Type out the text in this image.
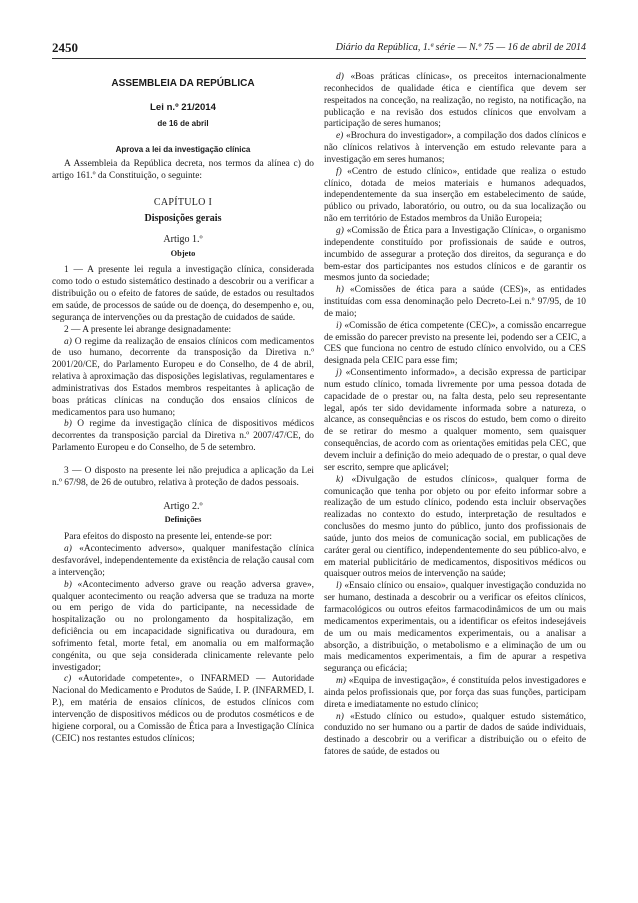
2450	Diário da República, 1.ª série — N.º 75 — 16 de abril de 2014

ASSEMBLEIA DA REPÚBLICA

Lei n.º 21/2014

de 16 de abril

Aprova a lei da investigação clínica

A Assembleia da República decreta, nos termos da alínea c) do artigo 161.º da Constituição, o seguinte:

CAPÍTULO I

Disposições gerais

Artigo 1.º

Objeto

1 — A presente lei regula a investigação clínica, considerada como todo o estudo sistemático destinado a descobrir ou a verificar a distribuição ou o efeito de fatores de saúde, de estados ou resultados em saúde, de processos de saúde ou de doença, do desempenho e, ou, segurança de intervenções ou da prestação de cuidados de saúde.

2 — A presente lei abrange designadamente:

a) O regime da realização de ensaios clínicos com medicamentos de uso humano, decorrente da transposição da Diretiva n.º 2001/20/CE, do Parlamento Europeu e do Conselho, de 4 de abril, relativa à aproximação das disposições legislativas, regulamentares e administrativas dos Estados membros respeitantes à aplicação de boas práticas clínicas na condução dos ensaios clínicos de medicamentos para uso humano;

b) O regime da investigação clínica de dispositivos médicos decorrentes da transposição parcial da Diretiva n.º 2007/47/CE, do Parlamento Europeu e do Conselho, de 5 de setembro.

3 — O disposto na presente lei não prejudica a aplicação da Lei n.º 67/98, de 26 de outubro, relativa à proteção de dados pessoais.

Artigo 2.º

Definições

Para efeitos do disposto na presente lei, entende-se por:

a) «Acontecimento adverso», qualquer manifestação clínica desfavorável, independentemente da existência de relação causal com a intervenção;

b) «Acontecimento adverso grave ou reação adversa grave», qualquer acontecimento ou reação adversa que se traduza na morte ou em perigo de vida do participante, na necessidade de hospitalização ou no prolongamento da hospitalização, em deficiência ou em incapacidade significativa ou duradoura, em sofrimento fetal, morte fetal, em anomalia ou em malformação congénita, ou que seja considerada clinicamente relevante pelo investigador;

c) «Autoridade competente», o INFARMED — Autoridade Nacional do Medicamento e Produtos de Saúde, I. P. (INFARMED, I. P.), em matéria de ensaios clínicos, de estudos clínicos com intervenção de dispositivos médicos ou de produtos cosméticos e de higiene corporal, ou a Comissão de Ética para a Investigação Clínica (CEIC) nos restantes estudos clínicos;

d) «Boas práticas clínicas», os preceitos internacionalmente reconhecidos de qualidade ética e científica que devem ser respeitados na conceção, na realização, no registo, na notificação, na publicação e na revisão dos estudos clínicos que envolvam a participação de seres humanos;

e) «Brochura do investigador», a compilação dos dados clínicos e não clínicos relativos à intervenção em estudo relevante para a investigação em seres humanos;

f) «Centro de estudo clínico», entidade que realiza o estudo clínico, dotada de meios materiais e humanos adequados, independentemente da sua inserção em estabelecimento de saúde, público ou privado, laboratório, ou outro, ou da sua localização ou não em território de Estados membros da União Europeia;

g) «Comissão de Ética para a Investigação Clínica», o organismo independente constituído por profissionais de saúde e outros, incumbido de assegurar a proteção dos direitos, da segurança e do bem-estar dos participantes nos estudos clínicos e de garantir os mesmos junto da sociedade;

h) «Comissões de ética para a saúde (CES)», as entidades instituídas com essa denominação pelo Decreto-Lei n.º 97/95, de 10 de maio;

i) «Comissão de ética competente (CEC)», a comissão encarregue de emissão do parecer previsto na presente lei, podendo ser a CEIC, a CES que funciona no centro de estudo clínico envolvido, ou a CES designada pela CEIC para esse fim;

j) «Consentimento informado», a decisão expressa de participar num estudo clínico, tomada livremente por uma pessoa dotada de capacidade de o prestar ou, na falta desta, pelo seu representante legal, após ter sido devidamente informada sobre a natureza, o alcance, as consequências e os riscos do estudo, bem como o direito de se retirar do mesmo a qualquer momento, sem quaisquer consequências, de acordo com as orientações emitidas pela CEC, que devem incluir a definição do meio adequado de o prestar, o qual deve ser escrito, sempre que aplicável;

k) «Divulgação de estudos clínicos», qualquer forma de comunicação que tenha por objeto ou por efeito informar sobre a realização de um estudo clínico, podendo esta incluir observações realizadas no contexto do estudo, interpretação de resultados e conclusões do mesmo junto do público, junto dos profissionais de saúde, junto dos meios de comunicação social, em publicações de caráter geral ou científico, independentemente do seu público-alvo, e em material publicitário de medicamentos, dispositivos médicos ou quaisquer outros meios de intervenção na saúde;

l) «Ensaio clínico ou ensaio», qualquer investigação conduzida no ser humano, destinada a descobrir ou a verificar os efeitos clínicos, farmacológicos ou outros efeitos farmacodinâmicos de um ou mais medicamentos experimentais, ou a identificar os efeitos indesejáveis de um ou mais medicamentos experimentais, ou a analisar a absorção, a distribuição, o metabolismo e a eliminação de um ou mais medicamentos experimentais, a fim de apurar a respetiva segurança ou eficácia;

m) «Equipa de investigação», é constituída pelos investigadores e ainda pelos profissionais que, por força das suas funções, participam direta e imediatamente no estudo clínico;

n) «Estudo clínico ou estudo», qualquer estudo sistemático, conduzido no ser humano ou a partir de dados de saúde individuais, destinado a descobrir ou a verificar a distribuição ou o efeito de fatores de saúde, de estados ou
